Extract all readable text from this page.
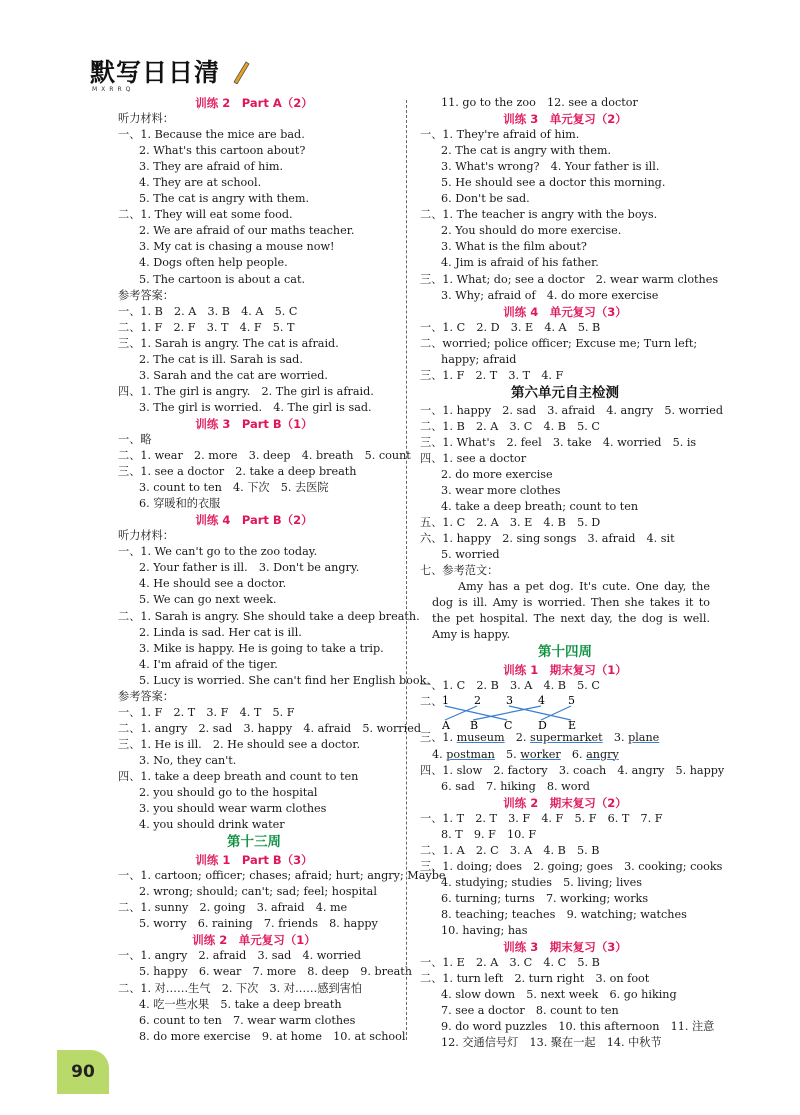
默写日日清
MXRRQ
训练 2　Part A（2）
听力材料：
一、1. Because the mice are bad.
2. What's this cartoon about?
3. They are afraid of him.
4. They are at school.
5. The cat is angry with them.
二、1. They will eat some food.
2. We are afraid of our maths teacher.
3. My cat is chasing a mouse now!
4. Dogs often help people.
5. The cartoon is about a cat.
参考答案：
一、1. B　2. A　3. B　4. A　5. C
二、1. F　2. F　3. T　4. F　5. T
三、1. Sarah is angry. The cat is afraid.
2. The cat is ill. Sarah is sad.
3. Sarah and the cat are worried.
四、1. The girl is angry.　2. The girl is afraid.
3. The girl is worried.　4. The girl is sad.
训练 3　Part B（1）
一、略
二、1. wear　2. more　3. deep　4. breath　5. count
三、1. see a doctor　2. take a deep breath
3. count to ten　4. 下次　5. 去医院
6. 穿暖和的衣服
训练 4　Part B（2）
听力材料：
一、1. We can't go to the zoo today.
2. Your father is ill.　3. Don't be angry.
4. He should see a doctor.
5. We can go next week.
二、1. Sarah is angry. She should take a deep breath.
2. Linda is sad. Her cat is ill.
3. Mike is happy. He is going to take a trip.
4. I'm afraid of the tiger.
5. Lucy is worried. She can't find her English book.
参考答案：
一、1. F　2. T　3. F　4. T　5. F
二、1. angry　2. sad　3. happy　4. afraid　5. worried
三、1. He is ill.　2. He should see a doctor.
3. No, they can't.
四、1. take a deep breath and count to ten
2. you should go to the hospital
3. you should wear warm clothes
4. you should drink water
第十三周
训练 1　Part B（3）
一、1. cartoon; officer; chases; afraid; hurt; angry; Maybe
2. wrong; should; can't; sad; feel; hospital
二、1. sunny　2. going　3. afraid　4. me
5. worry　6. raining　7. friends　8. happy
训练 2　单元复习（1）
一、1. angry　2. afraid　3. sad　4. worried
5. happy　6. wear　7. more　8. deep　9. breath
二、1. 对……生气　2. 下次　3. 对……感到害怕
4. 吃一些水果　5. take a deep breath
6. count to ten　7. wear warm clothes
8. do more exercise　9. at home　10. at school
11. go to the zoo　12. see a doctor
训练 3　单元复习（2）
一、1. They're afraid of him.
2. The cat is angry with them.
3. What's wrong?　4. Your father is ill.
5. He should see a doctor this morning.
6. Don't be sad.
二、1. The teacher is angry with the boys.
2. You should do more exercise.
3. What is the film about?
4. Jim is afraid of his father.
三、1. What; do; see a doctor　2. wear warm clothes
3. Why; afraid of　4. do more exercise
训练 4　单元复习（3）
一、1. C　2. D　3. E　4. A　5. B
二、worried; police officer; Excuse me; Turn left;
happy; afraid
三、1. F　2. T　3. T　4. F
第六单元自主检测
一、1. happy　2. sad　3. afraid　4. angry　5. worried
二、1. B　2. A　3. C　4. B　5. C
三、1. What's　2. feel　3. take　4. worried　5. is
四、1. see a doctor
2. do more exercise
3. wear more clothes
4. take a deep breath; count to ten
五、1. C　2. A　3. E　4. B　5. D
六、1. happy　2. sing songs　3. afraid　4. sit
5. worried
七、参考范文：
　　Amy has a pet dog. It's cute. One day, the dog is ill. Amy is worried. Then she takes it to the pet hospital. The next day, the dog is well. Amy is happy.
第十四周
训练 1　期末复习（1）
一、1. C　2. B　3. A　4. B　5. C
二、 1 2 3 4 5
A B C D E
三、1. museum　2. supermarket　3. plane
4. postman　5. worker　6. angry
四、1. slow　2. factory　3. coach　4. angry　5. happy
6. sad　7. hiking　8. word
训练 2　期末复习（2）
一、1. T　2. T　3. F　4. F　5. F　6. T　7. F
8. T　9. F　10. F
二、1. A　2. C　3. A　4. B　5. B
三、1. doing; does　2. going; goes　3. cooking; cooks
4. studying; studies　5. living; lives
6. turning; turns　7. working; works
8. teaching; teaches　9. watching; watches
10. having; has
训练 3　期末复习（3）
一、1. E　2. A　3. C　4. C　5. B
二、1. turn left　2. turn right　3. on foot
4. slow down　5. next week　6. go hiking
7. see a doctor　8. count to ten
9. do word puzzles　10. this afternoon　11. 注意
12. 交通信号灯　13. 聚在一起　14. 中秋节
90
